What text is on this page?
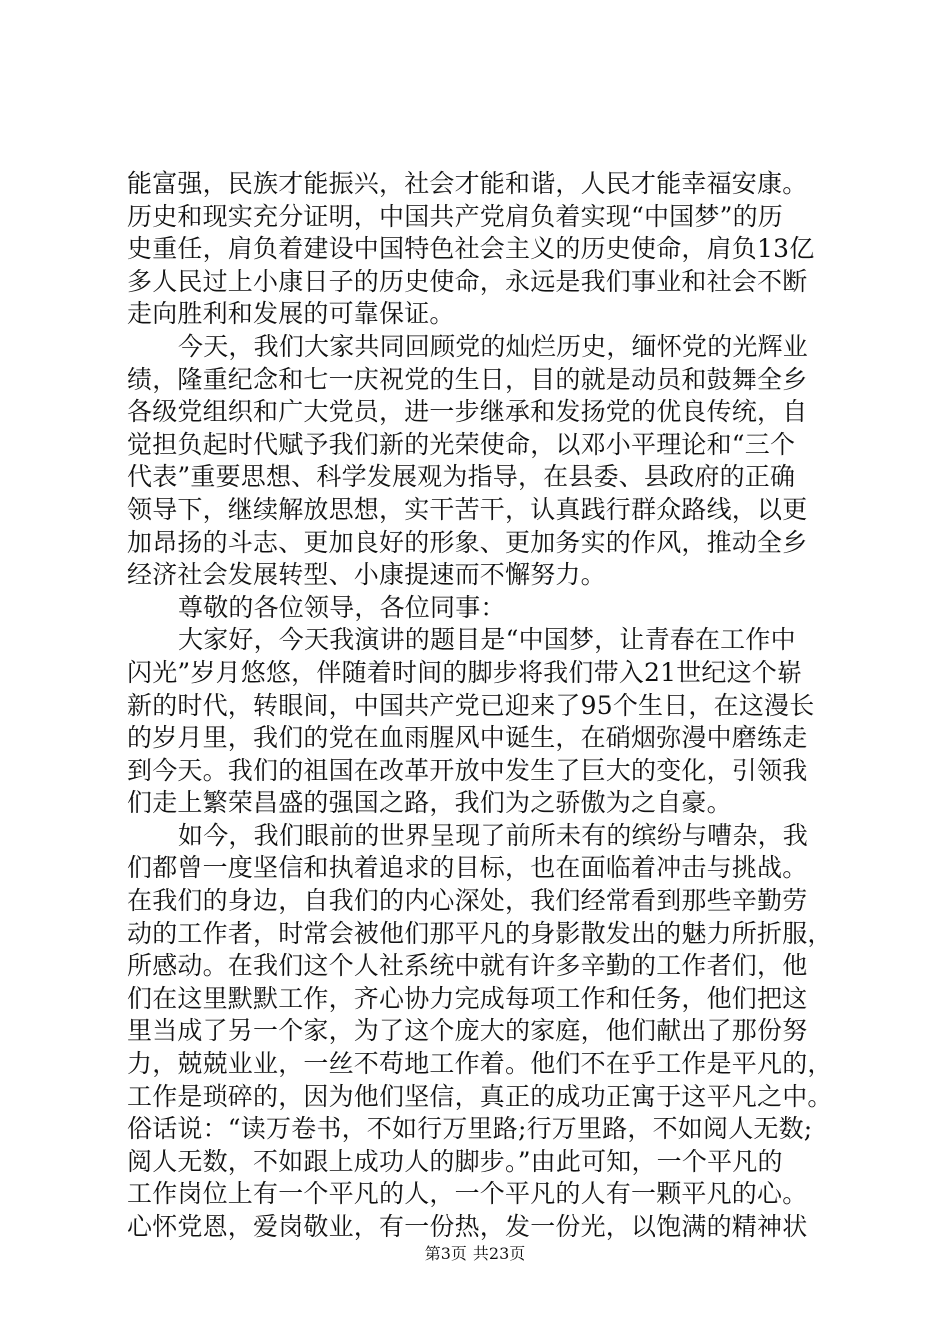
能富强，民族才能振兴，社会才能和谐，人民才能幸福安康。
历史和现实充分证明，中国共产党肩负着实现“中国梦”的历
史重任，肩负着建设中国特色社会主义的历史使命，肩负13亿
多人民过上小康日子的历史使命，永远是我们事业和社会不断
走向胜利和发展的可靠保证。
今天，我们大家共同回顾党的灿烂历史，缅怀党的光辉业
绩，隆重纪念和七一庆祝党的生日，目的就是动员和鼓舞全乡
各级党组织和广大党员，进一步继承和发扬党的优良传统，自
觉担负起时代赋予我们新的光荣使命，以邓小平理论和“三个
代表”重要思想、科学发展观为指导，在县委、县政府的正确
领导下，继续解放思想，实干苦干，认真践行群众路线，以更
加昂扬的斗志、更加良好的形象、更加务实的作风，推动全乡
经济社会发展转型、小康提速而不懈努力。
尊敬的各位领导，各位同事：
大家好，今天我演讲的题目是“中国梦，让青春在工作中
闪光”岁月悠悠，伴随着时间的脚步将我们带入21世纪这个崭
新的时代，转眼间，中国共产党已迎来了95个生日，在这漫长
的岁月里，我们的党在血雨腥风中诞生，在硝烟弥漫中磨练走
到今天。我们的祖国在改革开放中发生了巨大的变化，引领我
们走上繁荣昌盛的强国之路，我们为之骄傲为之自豪。
如今，我们眼前的世界呈现了前所未有的缤纷与嘈杂，我
们都曾一度坚信和执着追求的目标，也在面临着冲击与挑战。
在我们的身边，自我们的内心深处，我们经常看到那些辛勤劳
动的工作者，时常会被他们那平凡的身影散发出的魅力所折服，
所感动。在我们这个人社系统中就有许多辛勤的工作者们，他
们在这里默默工作，齐心协力完成每项工作和任务，他们把这
里当成了另一个家，为了这个庞大的家庭，他们献出了那份努
力，兢兢业业，一丝不苟地工作着。他们不在乎工作是平凡的，
工作是琐碎的，因为他们坚信，真正的成功正寓于这平凡之中。
俗话说：“读万卷书，不如行万里路;行万里路，不如阅人无数;
阅人无数，不如跟上成功人的脚步。”由此可知，一个平凡的
工作岗位上有一个平凡的人，一个平凡的人有一颗平凡的心。
心怀党恩，爱岗敬业，有一份热，发一份光，以饱满的精神状
第3页 共23页
